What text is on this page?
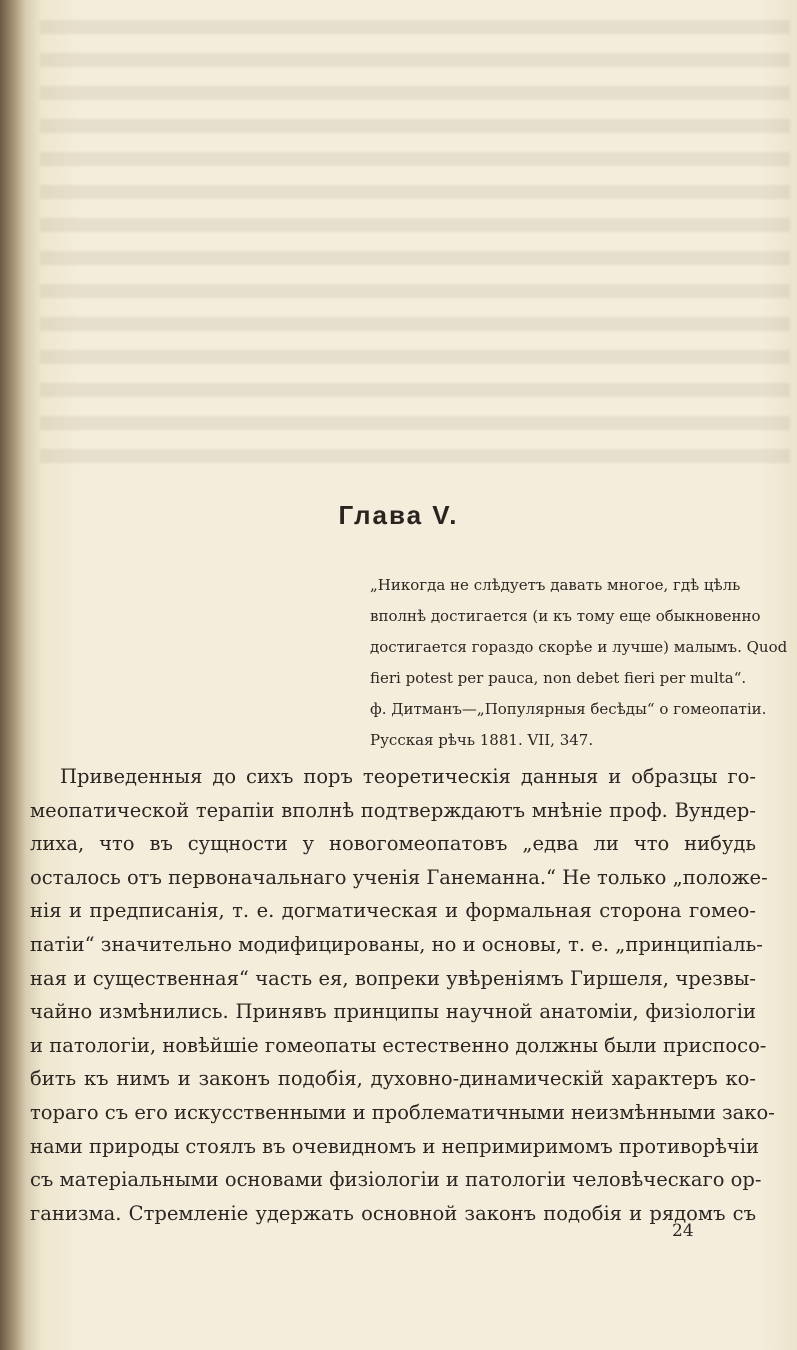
Глава V.
„Никогда не слѣдуетъ давать многое, гдѣ цѣль
вполнѣ достигается (и къ тому еще обыкновенно
достигается гораздо скорѣе и лучше) малымъ. Quod
fieri potest per pauca, non debet fieri per multa“.
ф. Дитманъ—„Популярныя бесѣды“ о гомеопатіи.
Русская рѣчь 1881. VII, 347.
Приведенныя до сихъ поръ теоретическія данныя и образцы го-
меопатической терапіи вполнѣ подтверждаютъ мнѣніе проф. Вундер-
лиха, что въ сущности у новогомеопатовъ „едва ли что нибудь
осталось отъ первоначальнаго ученія Ганеманна.“ Не только „положе-
нія и предписанія, т. е. догматическая и формальная сторона гомео-
патіи“ значительно модифицированы, но и основы, т. е. „принципіаль-
ная и существенная“ часть ея, вопреки увѣреніямъ Гиршеля, чрезвы-
чайно измѣнились. Принявъ принципы научной анатоміи, физіологіи
и патологіи, новѣйшіе гомеопаты естественно должны были приспосо-
бить къ нимъ и законъ подобія, духовно-динамическій характеръ ко-
тораго съ его искусственными и проблематичными неизмѣнными зако-
нами природы стоялъ въ очевидномъ и непримиримомъ противорѣчіи
съ матеріальными основами физіологіи и патологіи человѣческаго ор-
ганизма. Стремленіе удержать основной законъ подобія и рядомъ съ
24
